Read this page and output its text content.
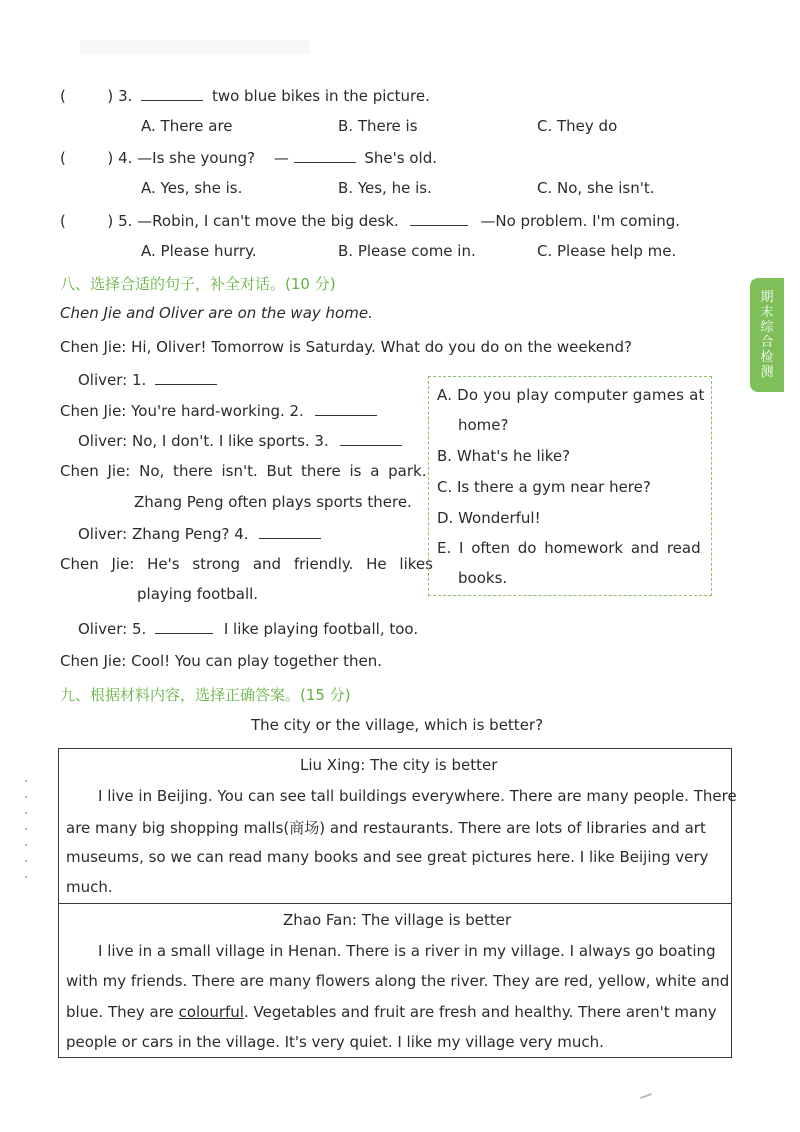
期
末
综
合
检
测
(	) 3.	two blue bikes in the picture.
A. There are	B. There is	C. They do
(	) 4. —Is she young? —	She's old.
A. Yes, she is.	B. Yes, he is.	C. No, she isn't.
(	) 5. —Robin, I can't move the big desk.	—No problem. I'm coming.
A. Please hurry.	B. Please come in.	C. Please help me.
八、选择合适的句子，补全对话。(10 分)
Chen Jie and Oliver are on the way home.
Chen Jie: Hi, Oliver! Tomorrow is Saturday. What do you do on the weekend?
Oliver: 1.
Chen Jie: You're hard-working. 2.
Oliver: No, I don't. I like sports. 3.
Chen Jie: No, there isn't. But there is a park.
Zhang Peng often plays sports there.
Oliver: Zhang Peng? 4.
Chen Jie: He's strong and friendly. He likes
playing football.
Oliver: 5.	I like playing football, too.
Chen Jie: Cool! You can play together then.
A. Do you play computer games at
home?
B. What's he like?
C. Is there a gym near here?
D. Wonderful!
E. I often do homework and read
books.
九、根据材料内容，选择正确答案。(15 分)
The city or the village, which is better?
Liu Xing: The city is better
I live in Beijing. You can see tall buildings everywhere. There are many people. There
are many big shopping malls(商场) and restaurants. There are lots of libraries and art
museums, so we can read many books and see great pictures here. I like Beijing very
much.
Zhao Fan: The village is better
I live in a small village in Henan. There is a river in my village. I always go boating
with my friends. There are many flowers along the river. They are red, yellow, white and
blue. They are colourful. Vegetables and fruit are fresh and healthy. There aren't many
people or cars in the village. It's very quiet. I like my village very much.
